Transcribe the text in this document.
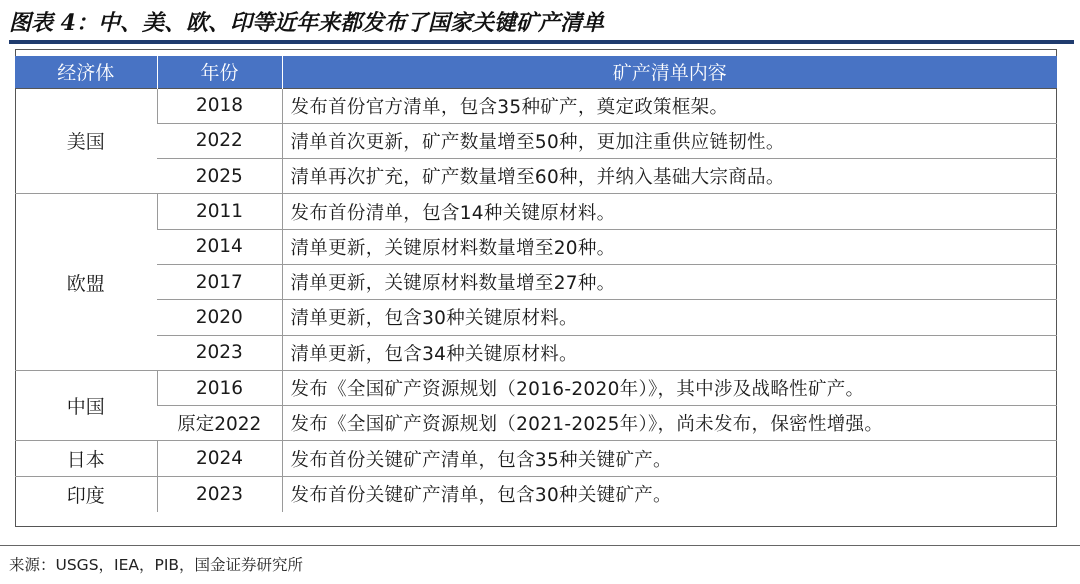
图表 4：中、美、欧、印等近年来都发布了国家关键矿产清单
经济体	年份	矿产清单内容
美国	2018	发布首份官方清单，包含35种矿产，奠定政策框架。
	2022	清单首次更新，矿产数量增至50种，更加注重供应链韧性。
	2025	清单再次扩充，矿产数量增至60种，并纳入基础大宗商品。
欧盟	2011	发布首份清单，包含14种关键原材料。
	2014	清单更新，关键原材料数量增至20种。
	2017	清单更新，关键原材料数量增至27种。
	2020	清单更新，包含30种关键原材料。
	2023	清单更新，包含34种关键原材料。
中国	2016	发布《全国矿产资源规划（2016-2020年）》，其中涉及战略性矿产。
	原定2022	发布《全国矿产资源规划（2021-2025年）》，尚未发布，保密性增强。
日本	2024	发布首份关键矿产清单，包含35种关键矿产。
印度	2023	发布首份关键矿产清单，包含30种关键矿产。
来源：USGS，IEA，PIB，国金证券研究所
